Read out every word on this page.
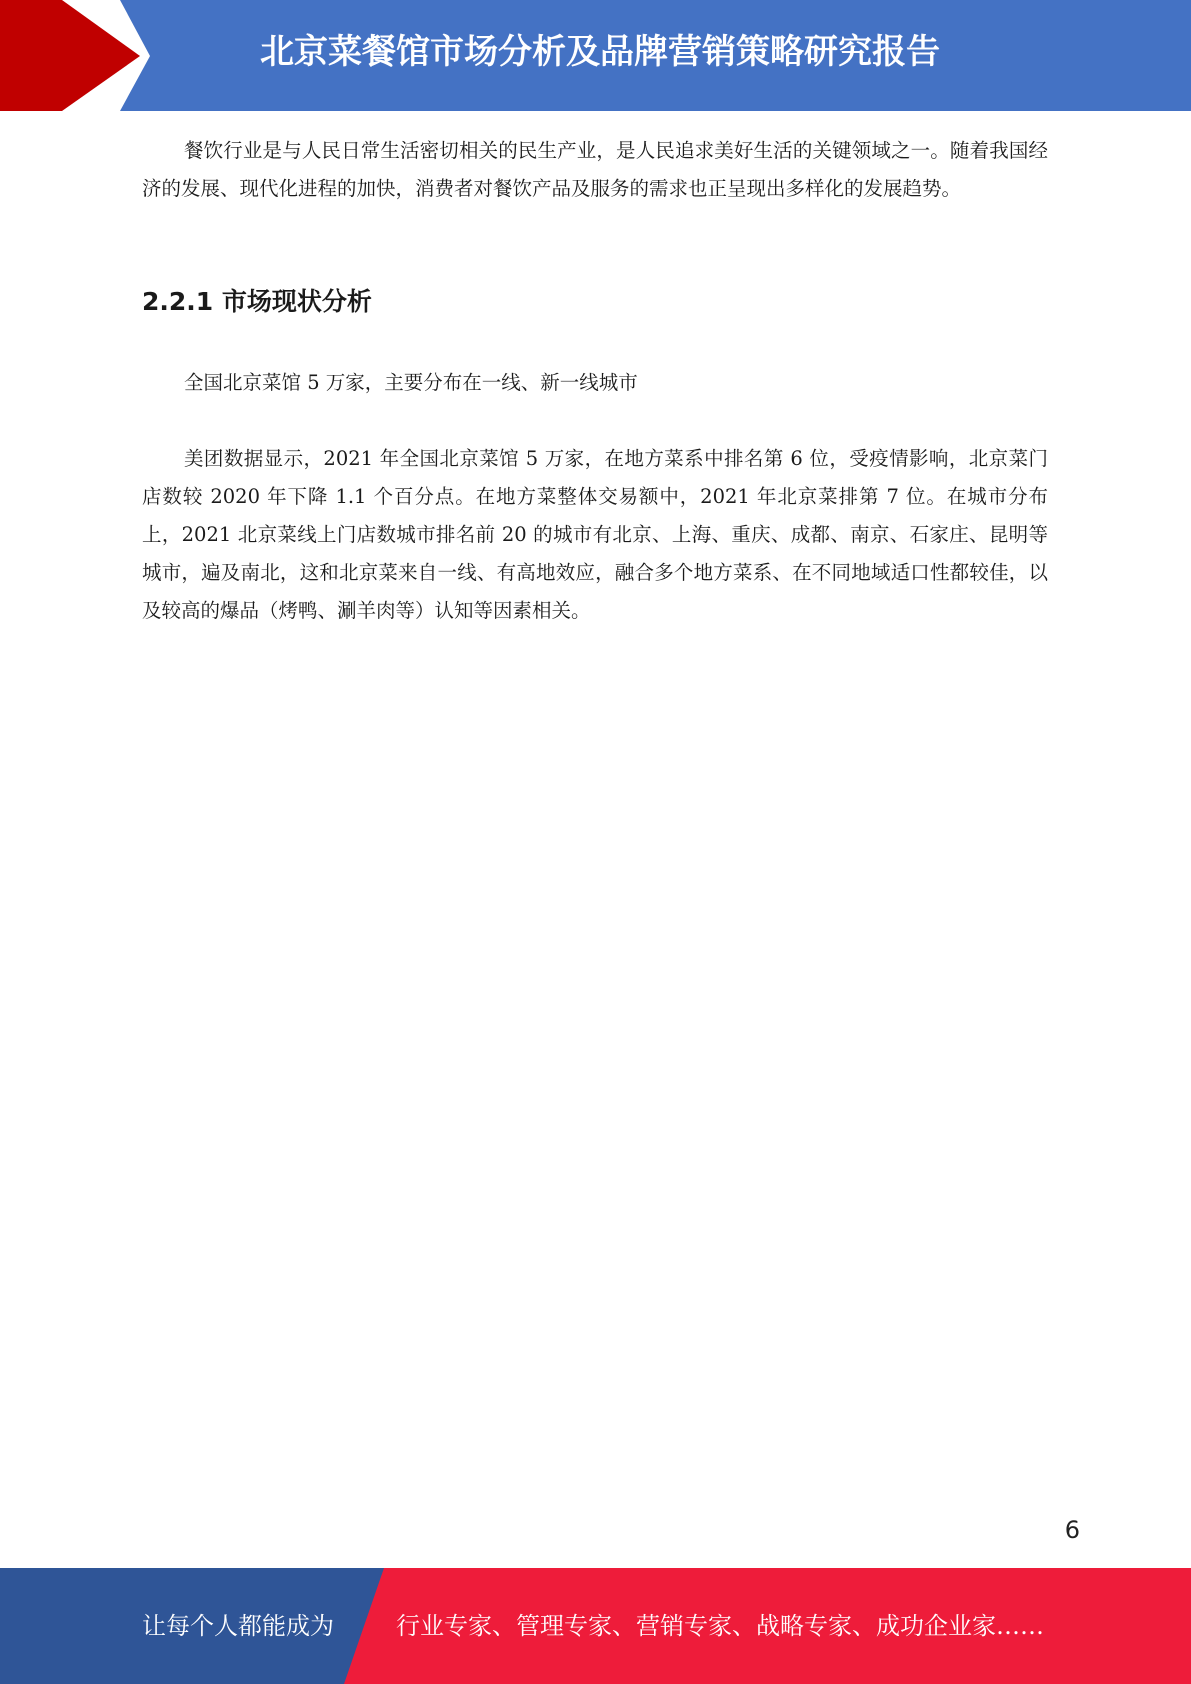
北京菜餐馆市场分析及品牌营销策略研究报告

餐饮行业是与人民日常生活密切相关的民生产业，是人民追求美好生活的关键领域之一。随着我国经济的发展、现代化进程的加快，消费者对餐饮产品及服务的需求也正呈现出多样化的发展趋势。

2.2.1 市场现状分析

全国北京菜馆 5 万家，主要分布在一线、新一线城市

美团数据显示，2021 年全国北京菜馆 5 万家，在地方菜系中排名第 6 位，受疫情影响，北京菜门店数较 2020 年下降 1.1 个百分点。在地方菜整体交易额中，2021 年北京菜排第 7 位。在城市分布上，2021 北京菜线上门店数城市排名前 20 的城市有北京、上海、重庆、成都、南京、石家庄、昆明等城市，遍及南北，这和北京菜来自一线、有高地效应，融合多个地方菜系、在不同地域适口性都较佳，以及较高的爆品（烤鸭、涮羊肉等）认知等因素相关。

6
让每个人都能成为	行业专家、管理专家、营销专家、战略专家、成功企业家……
